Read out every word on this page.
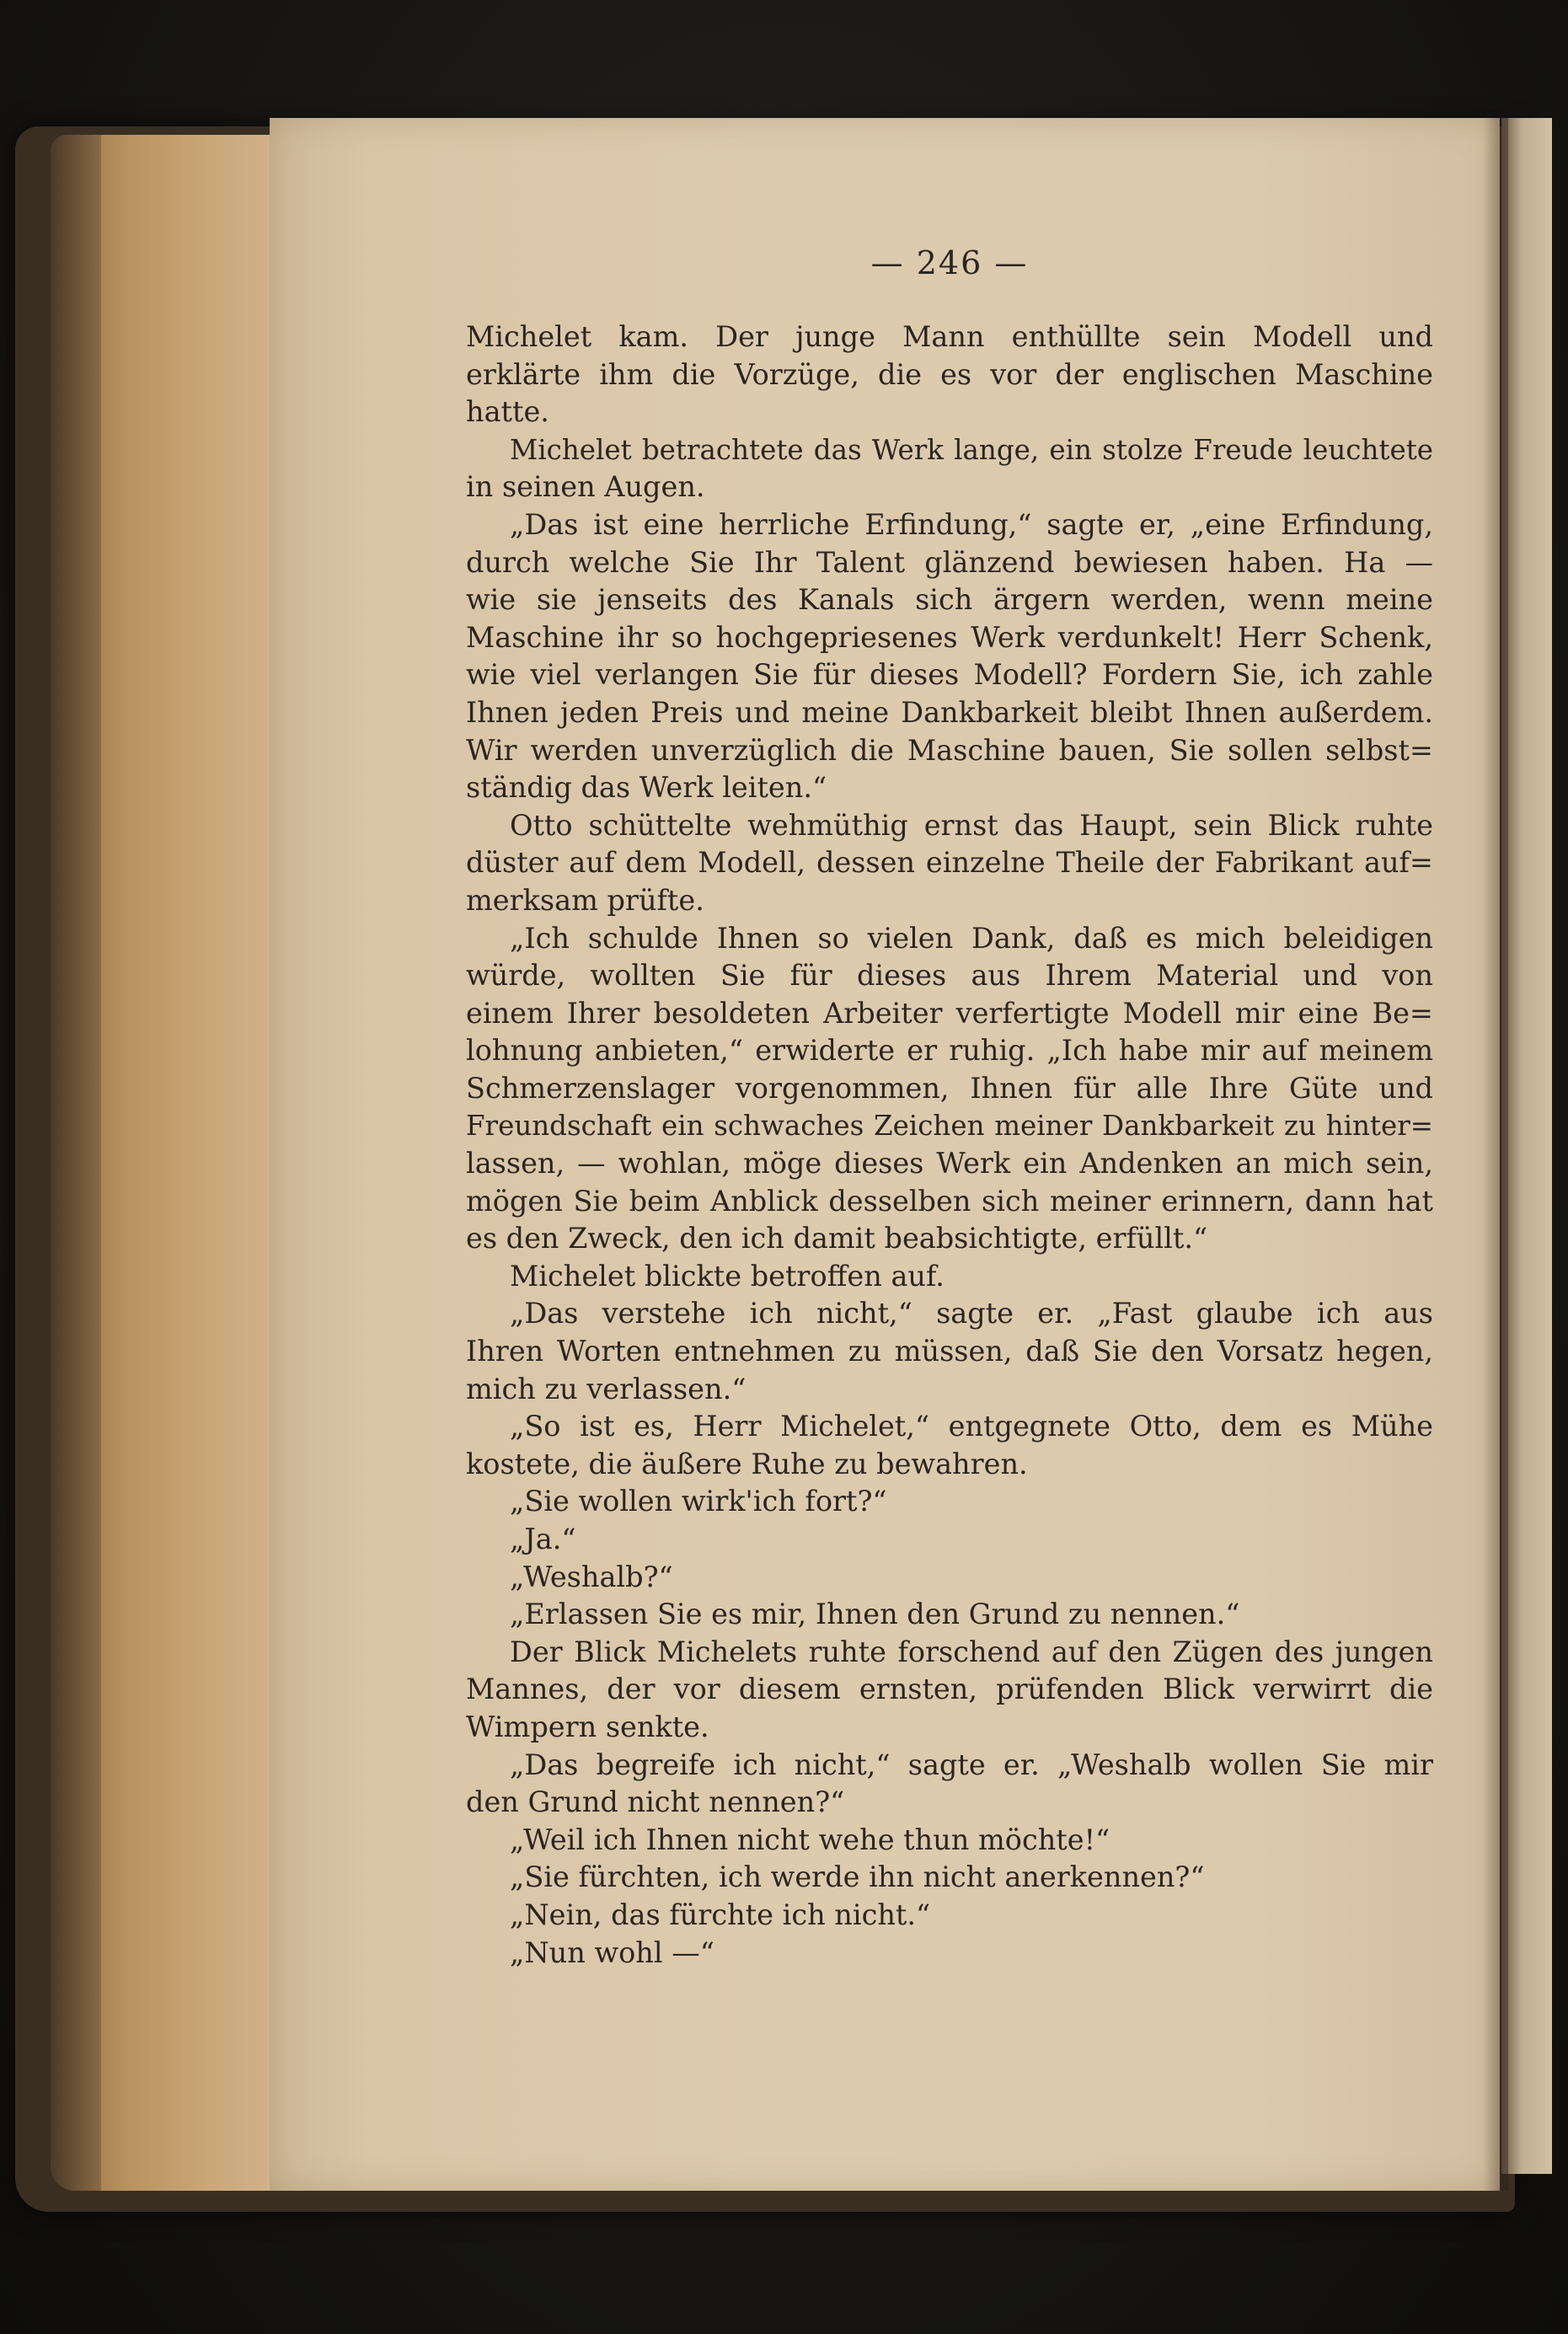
— 246 —
Michelet kam. Der junge Mann enthüllte sein Modell und
erklärte ihm die Vorzüge, die es vor der englischen Maschine
hatte.
Michelet betrachtete das Werk lange, ein stolze Freude leuchtete
in seinen Augen.
„Das ist eine herrliche Erfindung,“ sagte er, „eine Erfindung,
durch welche Sie Ihr Talent glänzend bewiesen haben. Ha —
wie sie jenseits des Kanals sich ärgern werden, wenn meine
Maschine ihr so hochgepriesenes Werk verdunkelt! Herr Schenk,
wie viel verlangen Sie für dieses Modell? Fordern Sie, ich zahle
Ihnen jeden Preis und meine Dankbarkeit bleibt Ihnen außerdem.
Wir werden unverzüglich die Maschine bauen, Sie sollen selbst=
ständig das Werk leiten.“
Otto schüttelte wehmüthig ernst das Haupt, sein Blick ruhte
düster auf dem Modell, dessen einzelne Theile der Fabrikant auf=
merksam prüfte.
„Ich schulde Ihnen so vielen Dank, daß es mich beleidigen
würde, wollten Sie für dieses aus Ihrem Material und von
einem Ihrer besoldeten Arbeiter verfertigte Modell mir eine Be=
lohnung anbieten,“ erwiderte er ruhig. „Ich habe mir auf meinem
Schmerzenslager vorgenommen, Ihnen für alle Ihre Güte und
Freundschaft ein schwaches Zeichen meiner Dankbarkeit zu hinter=
lassen, — wohlan, möge dieses Werk ein Andenken an mich sein,
mögen Sie beim Anblick desselben sich meiner erinnern, dann hat
es den Zweck, den ich damit beabsichtigte, erfüllt.“
Michelet blickte betroffen auf.
„Das verstehe ich nicht,“ sagte er. „Fast glaube ich aus
Ihren Worten entnehmen zu müssen, daß Sie den Vorsatz hegen,
mich zu verlassen.“
„So ist es, Herr Michelet,“ entgegnete Otto, dem es Mühe
kostete, die äußere Ruhe zu bewahren.
„Sie wollen wirk'ich fort?“
„Ja.“
„Weshalb?“
„Erlassen Sie es mir, Ihnen den Grund zu nennen.“
Der Blick Michelets ruhte forschend auf den Zügen des jungen
Mannes, der vor diesem ernsten, prüfenden Blick verwirrt die
Wimpern senkte.
„Das begreife ich nicht,“ sagte er. „Weshalb wollen Sie mir
den Grund nicht nennen?“
„Weil ich Ihnen nicht wehe thun möchte!“
„Sie fürchten, ich werde ihn nicht anerkennen?“
„Nein, das fürchte ich nicht.“
„Nun wohl —“
